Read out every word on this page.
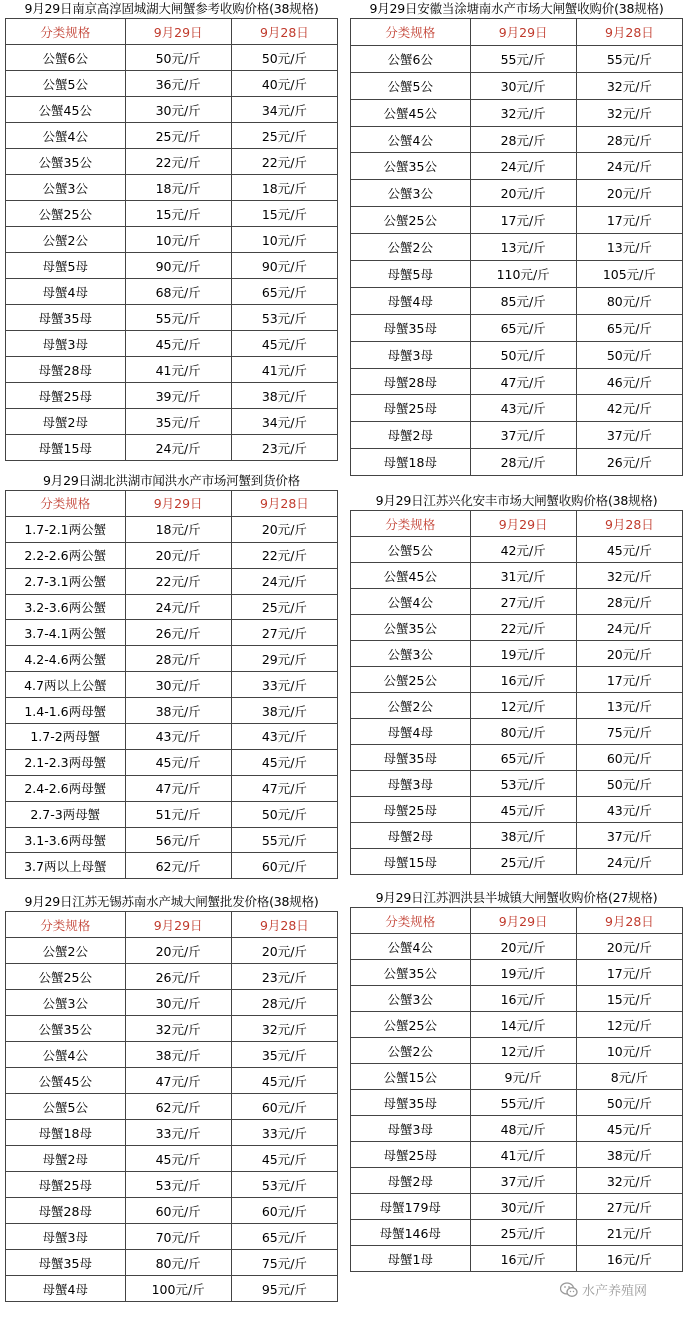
9月29日南京高淳固城湖大闸蟹参考收购价格(38规格)
分类规格	9月29日	9月28日
公蟹6公	50元/斤	50元/斤
公蟹5公	36元/斤	40元/斤
公蟹45公	30元/斤	34元/斤
公蟹4公	25元/斤	25元/斤
公蟹35公	22元/斤	22元/斤
公蟹3公	18元/斤	18元/斤
公蟹25公	15元/斤	15元/斤
公蟹2公	10元/斤	10元/斤
母蟹5母	90元/斤	90元/斤
母蟹4母	68元/斤	65元/斤
母蟹35母	55元/斤	53元/斤
母蟹3母	45元/斤	45元/斤
母蟹28母	41元/斤	41元/斤
母蟹25母	39元/斤	38元/斤
母蟹2母	35元/斤	34元/斤
母蟹15母	24元/斤	23元/斤
9月29日湖北洪湖市闻洪水产市场河蟹到货价格
分类规格	9月29日	9月28日
1.7-2.1两公蟹	18元/斤	20元/斤
2.2-2.6两公蟹	20元/斤	22元/斤
2.7-3.1两公蟹	22元/斤	24元/斤
3.2-3.6两公蟹	24元/斤	25元/斤
3.7-4.1两公蟹	26元/斤	27元/斤
4.2-4.6两公蟹	28元/斤	29元/斤
4.7两以上公蟹	30元/斤	33元/斤
1.4-1.6两母蟹	38元/斤	38元/斤
1.7-2两母蟹	43元/斤	43元/斤
2.1-2.3两母蟹	45元/斤	45元/斤
2.4-2.6两母蟹	47元/斤	47元/斤
2.7-3两母蟹	51元/斤	50元/斤
3.1-3.6两母蟹	56元/斤	55元/斤
3.7两以上母蟹	62元/斤	60元/斤
9月29日江苏无锡苏南水产城大闸蟹批发价格(38规格)
分类规格	9月29日	9月28日
公蟹2公	20元/斤	20元/斤
公蟹25公	26元/斤	23元/斤
公蟹3公	30元/斤	28元/斤
公蟹35公	32元/斤	32元/斤
公蟹4公	38元/斤	35元/斤
公蟹45公	47元/斤	45元/斤
公蟹5公	62元/斤	60元/斤
母蟹18母	33元/斤	33元/斤
母蟹2母	45元/斤	45元/斤
母蟹25母	53元/斤	53元/斤
母蟹28母	60元/斤	60元/斤
母蟹3母	70元/斤	65元/斤
母蟹35母	80元/斤	75元/斤
母蟹4母	100元/斤	95元/斤
9月29日安徽当涂塘南水产市场大闸蟹收购价(38规格)
分类规格	9月29日	9月28日
公蟹6公	55元/斤	55元/斤
公蟹5公	30元/斤	32元/斤
公蟹45公	32元/斤	32元/斤
公蟹4公	28元/斤	28元/斤
公蟹35公	24元/斤	24元/斤
公蟹3公	20元/斤	20元/斤
公蟹25公	17元/斤	17元/斤
公蟹2公	13元/斤	13元/斤
母蟹5母	110元/斤	105元/斤
母蟹4母	85元/斤	80元/斤
母蟹35母	65元/斤	65元/斤
母蟹3母	50元/斤	50元/斤
母蟹28母	47元/斤	46元/斤
母蟹25母	43元/斤	42元/斤
母蟹2母	37元/斤	37元/斤
母蟹18母	28元/斤	26元/斤
9月29日江苏兴化安丰市场大闸蟹收购价格(38规格)
分类规格	9月29日	9月28日
公蟹5公	42元/斤	45元/斤
公蟹45公	31元/斤	32元/斤
公蟹4公	27元/斤	28元/斤
公蟹35公	22元/斤	24元/斤
公蟹3公	19元/斤	20元/斤
公蟹25公	16元/斤	17元/斤
公蟹2公	12元/斤	13元/斤
母蟹4母	80元/斤	75元/斤
母蟹35母	65元/斤	60元/斤
母蟹3母	53元/斤	50元/斤
母蟹25母	45元/斤	43元/斤
母蟹2母	38元/斤	37元/斤
母蟹15母	25元/斤	24元/斤
9月29日江苏泗洪县半城镇大闸蟹收购价格(27规格)
分类规格	9月29日	9月28日
公蟹4公	20元/斤	20元/斤
公蟹35公	19元/斤	17元/斤
公蟹3公	16元/斤	15元/斤
公蟹25公	14元/斤	12元/斤
公蟹2公	12元/斤	10元/斤
公蟹15公	9元/斤	8元/斤
母蟹35母	55元/斤	50元/斤
母蟹3母	48元/斤	45元/斤
母蟹25母	41元/斤	38元/斤
母蟹2母	37元/斤	32元/斤
母蟹179母	30元/斤	27元/斤
母蟹146母	25元/斤	21元/斤
母蟹1母	16元/斤	16元/斤
水产养殖网
